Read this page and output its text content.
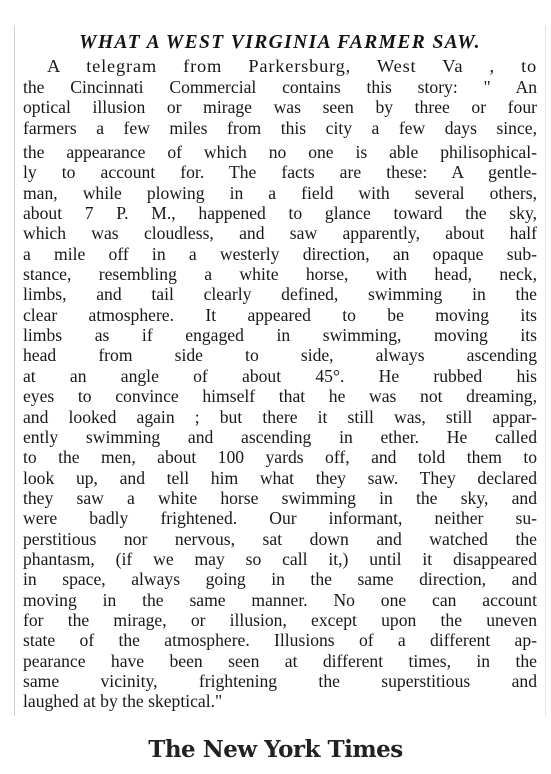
WHAT A WEST VIRGINIA FARMER SAW.
A telegram from Parkersburg, West Va , to
the Cincinnati Commercial contains this story: " An
optical illusion or mirage was seen by three or four
farmers a few miles from this city a few days since,
the appearance of which no one is able philisophical-
ly to account for. The facts are these: A gentle-
man, while plowing in a field with several others,
about 7 P. M., happened to glance toward the sky,
which was cloudless, and saw apparently, about half
a mile off in a westerly direction, an opaque sub-
stance, resembling a white horse, with head, neck,
limbs, and tail clearly defined, swimming in the
clear atmosphere. It appeared to be moving its
limbs as if engaged in swimming, moving its
head from side to side, always ascending
at an angle of about 45°. He rubbed his
eyes to convince himself that he was not dreaming,
and looked again ; but there it still was, still appar-
ently swimming and ascending in ether. He called
to the men, about 100 yards off, and told them to
look up, and tell him what they saw. They declared
they saw a white horse swimming in the sky, and
were badly frightened. Our informant, neither su-
perstitious nor nervous, sat down and watched the
phantasm, (if we may so call it,) until it disappeared
in space, always going in the same direction, and
moving in the same manner. No one can account
for the mirage, or illusion, except upon the uneven
state of the atmosphere. Illusions of a different ap-
pearance have been seen at different times, in the
same vicinity, frightening the superstitious and
laughed at by the skeptical."
The New York Times
